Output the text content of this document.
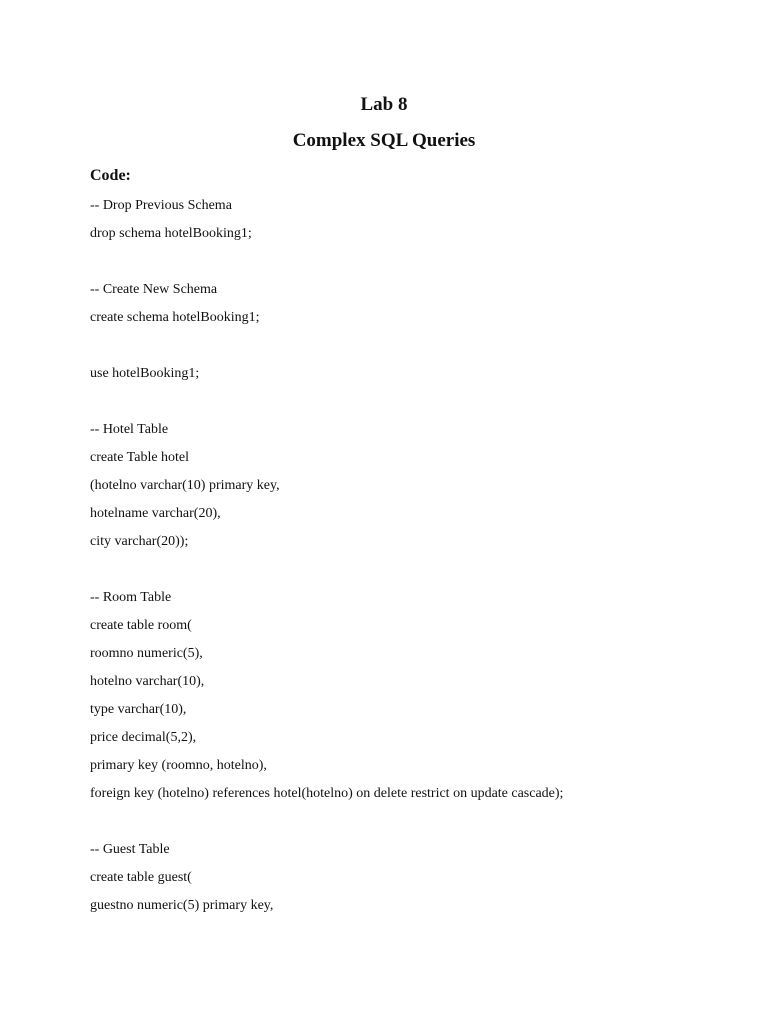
Lab 8
Complex SQL Queries
Code:
-- Drop Previous Schema
drop schema hotelBooking1;
-- Create New Schema
create schema hotelBooking1;
use hotelBooking1;
-- Hotel Table
create Table hotel
(hotelno varchar(10) primary key,
hotelname varchar(20),
city varchar(20));
-- Room Table
create table room(
roomno numeric(5),
hotelno varchar(10),
type varchar(10),
price decimal(5,2),
primary key (roomno, hotelno),
foreign key (hotelno) references hotel(hotelno) on delete restrict on update cascade);
-- Guest Table
create table guest(
guestno numeric(5) primary key,
